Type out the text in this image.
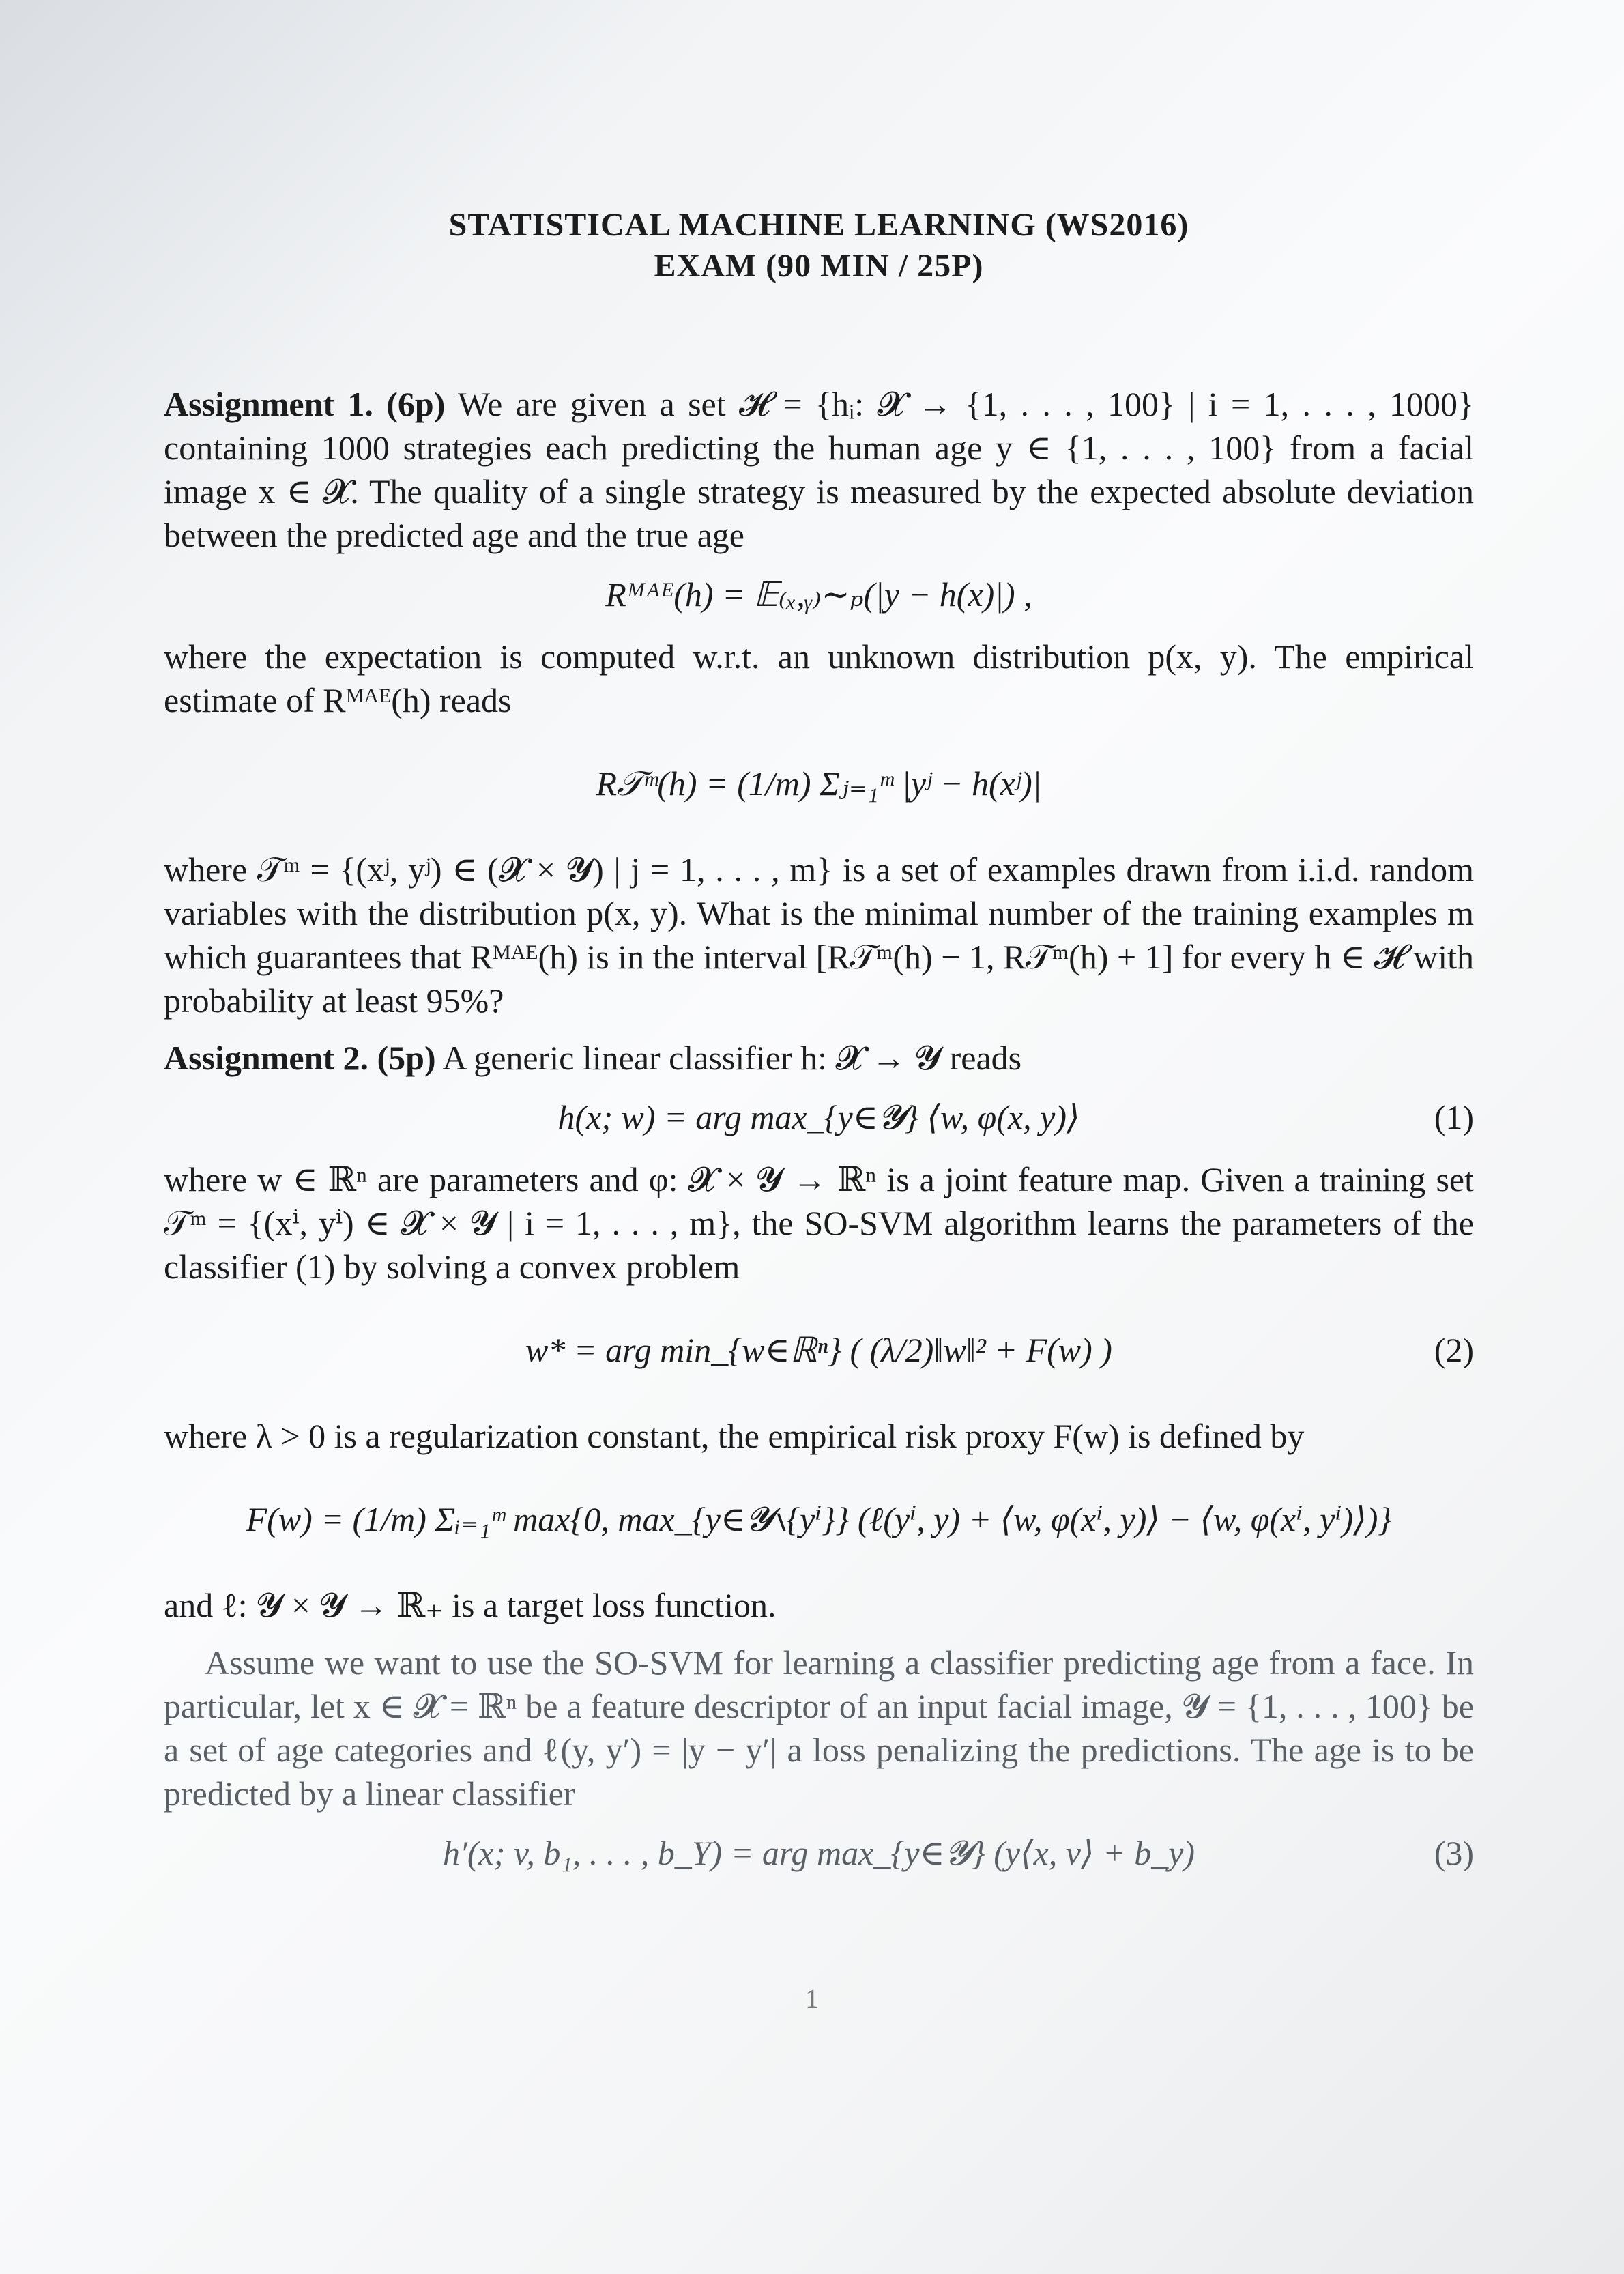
STATISTICAL MACHINE LEARNING (WS2016)
EXAM (90 MIN / 25P)

Assignment 1. (6p) We are given a set 𝓗 = {hᵢ: 𝓧 → {1, . . . , 100} | i = 1, . . . , 1000} containing 1000 strategies each predicting the human age y ∈ {1, . . . , 100} from a facial image x ∈ 𝓧. The quality of a single strategy is measured by the expected absolute deviation between the predicted age and the true age

Rᴹᴬᴱ(h) = 𝔼₍ₓ,ᵧ₎∼ₚ(|y − h(x)|) ,

where the expectation is computed w.r.t. an unknown distribution p(x, y). The empirical estimate of Rᴹᴬᴱ(h) reads

R𝒯ᵐ(h) = (1/m) Σⱼ₌₁ᵐ |yʲ − h(xʲ)|

where 𝒯ᵐ = {(xʲ, yʲ) ∈ (𝓧 × 𝓨) | j = 1, . . . , m} is a set of examples drawn from i.i.d. random variables with the distribution p(x, y). What is the minimal number of the training examples m which guarantees that Rᴹᴬᴱ(h) is in the interval [R𝒯ᵐ(h) − 1, R𝒯ᵐ(h) + 1] for every h ∈ 𝓗 with probability at least 95%?

Assignment 2. (5p) A generic linear classifier h: 𝓧 → 𝓨 reads

h(x; w) = arg max_{y∈𝓨} ⟨w, φ(x, y)⟩	(1)

where w ∈ ℝⁿ are parameters and φ: 𝓧 × 𝓨 → ℝⁿ is a joint feature map. Given a training set 𝒯ᵐ = {(xⁱ, yⁱ) ∈ 𝓧 × 𝓨 | i = 1, . . . , m}, the SO-SVM algorithm learns the parameters of the classifier (1) by solving a convex problem

w* = arg min_{w∈ℝⁿ} ( (λ/2)‖w‖² + F(w) )	(2)

where λ > 0 is a regularization constant, the empirical risk proxy F(w) is defined by

F(w) = (1/m) Σᵢ₌₁ᵐ max{0, max_{y∈𝓨∖{yⁱ}} (ℓ(yⁱ, y) + ⟨w, φ(xⁱ, y)⟩ − ⟨w, φ(xⁱ, yⁱ)⟩)}

and ℓ: 𝓨 × 𝓨 → ℝ₊ is a target loss function.

Assume we want to use the SO-SVM for learning a classifier predicting age from a face. In particular, let x ∈ 𝓧 = ℝⁿ be a feature descriptor of an input facial image, 𝓨 = {1, . . . , 100} be a set of age categories and ℓ(y, y′) = |y − y′| a loss penalizing the predictions. The age is to be predicted by a linear classifier

h′(x; v, b₁, . . . , b_Y) = arg max_{y∈𝓨} (y⟨x, v⟩ + b_y)	(3)
1
